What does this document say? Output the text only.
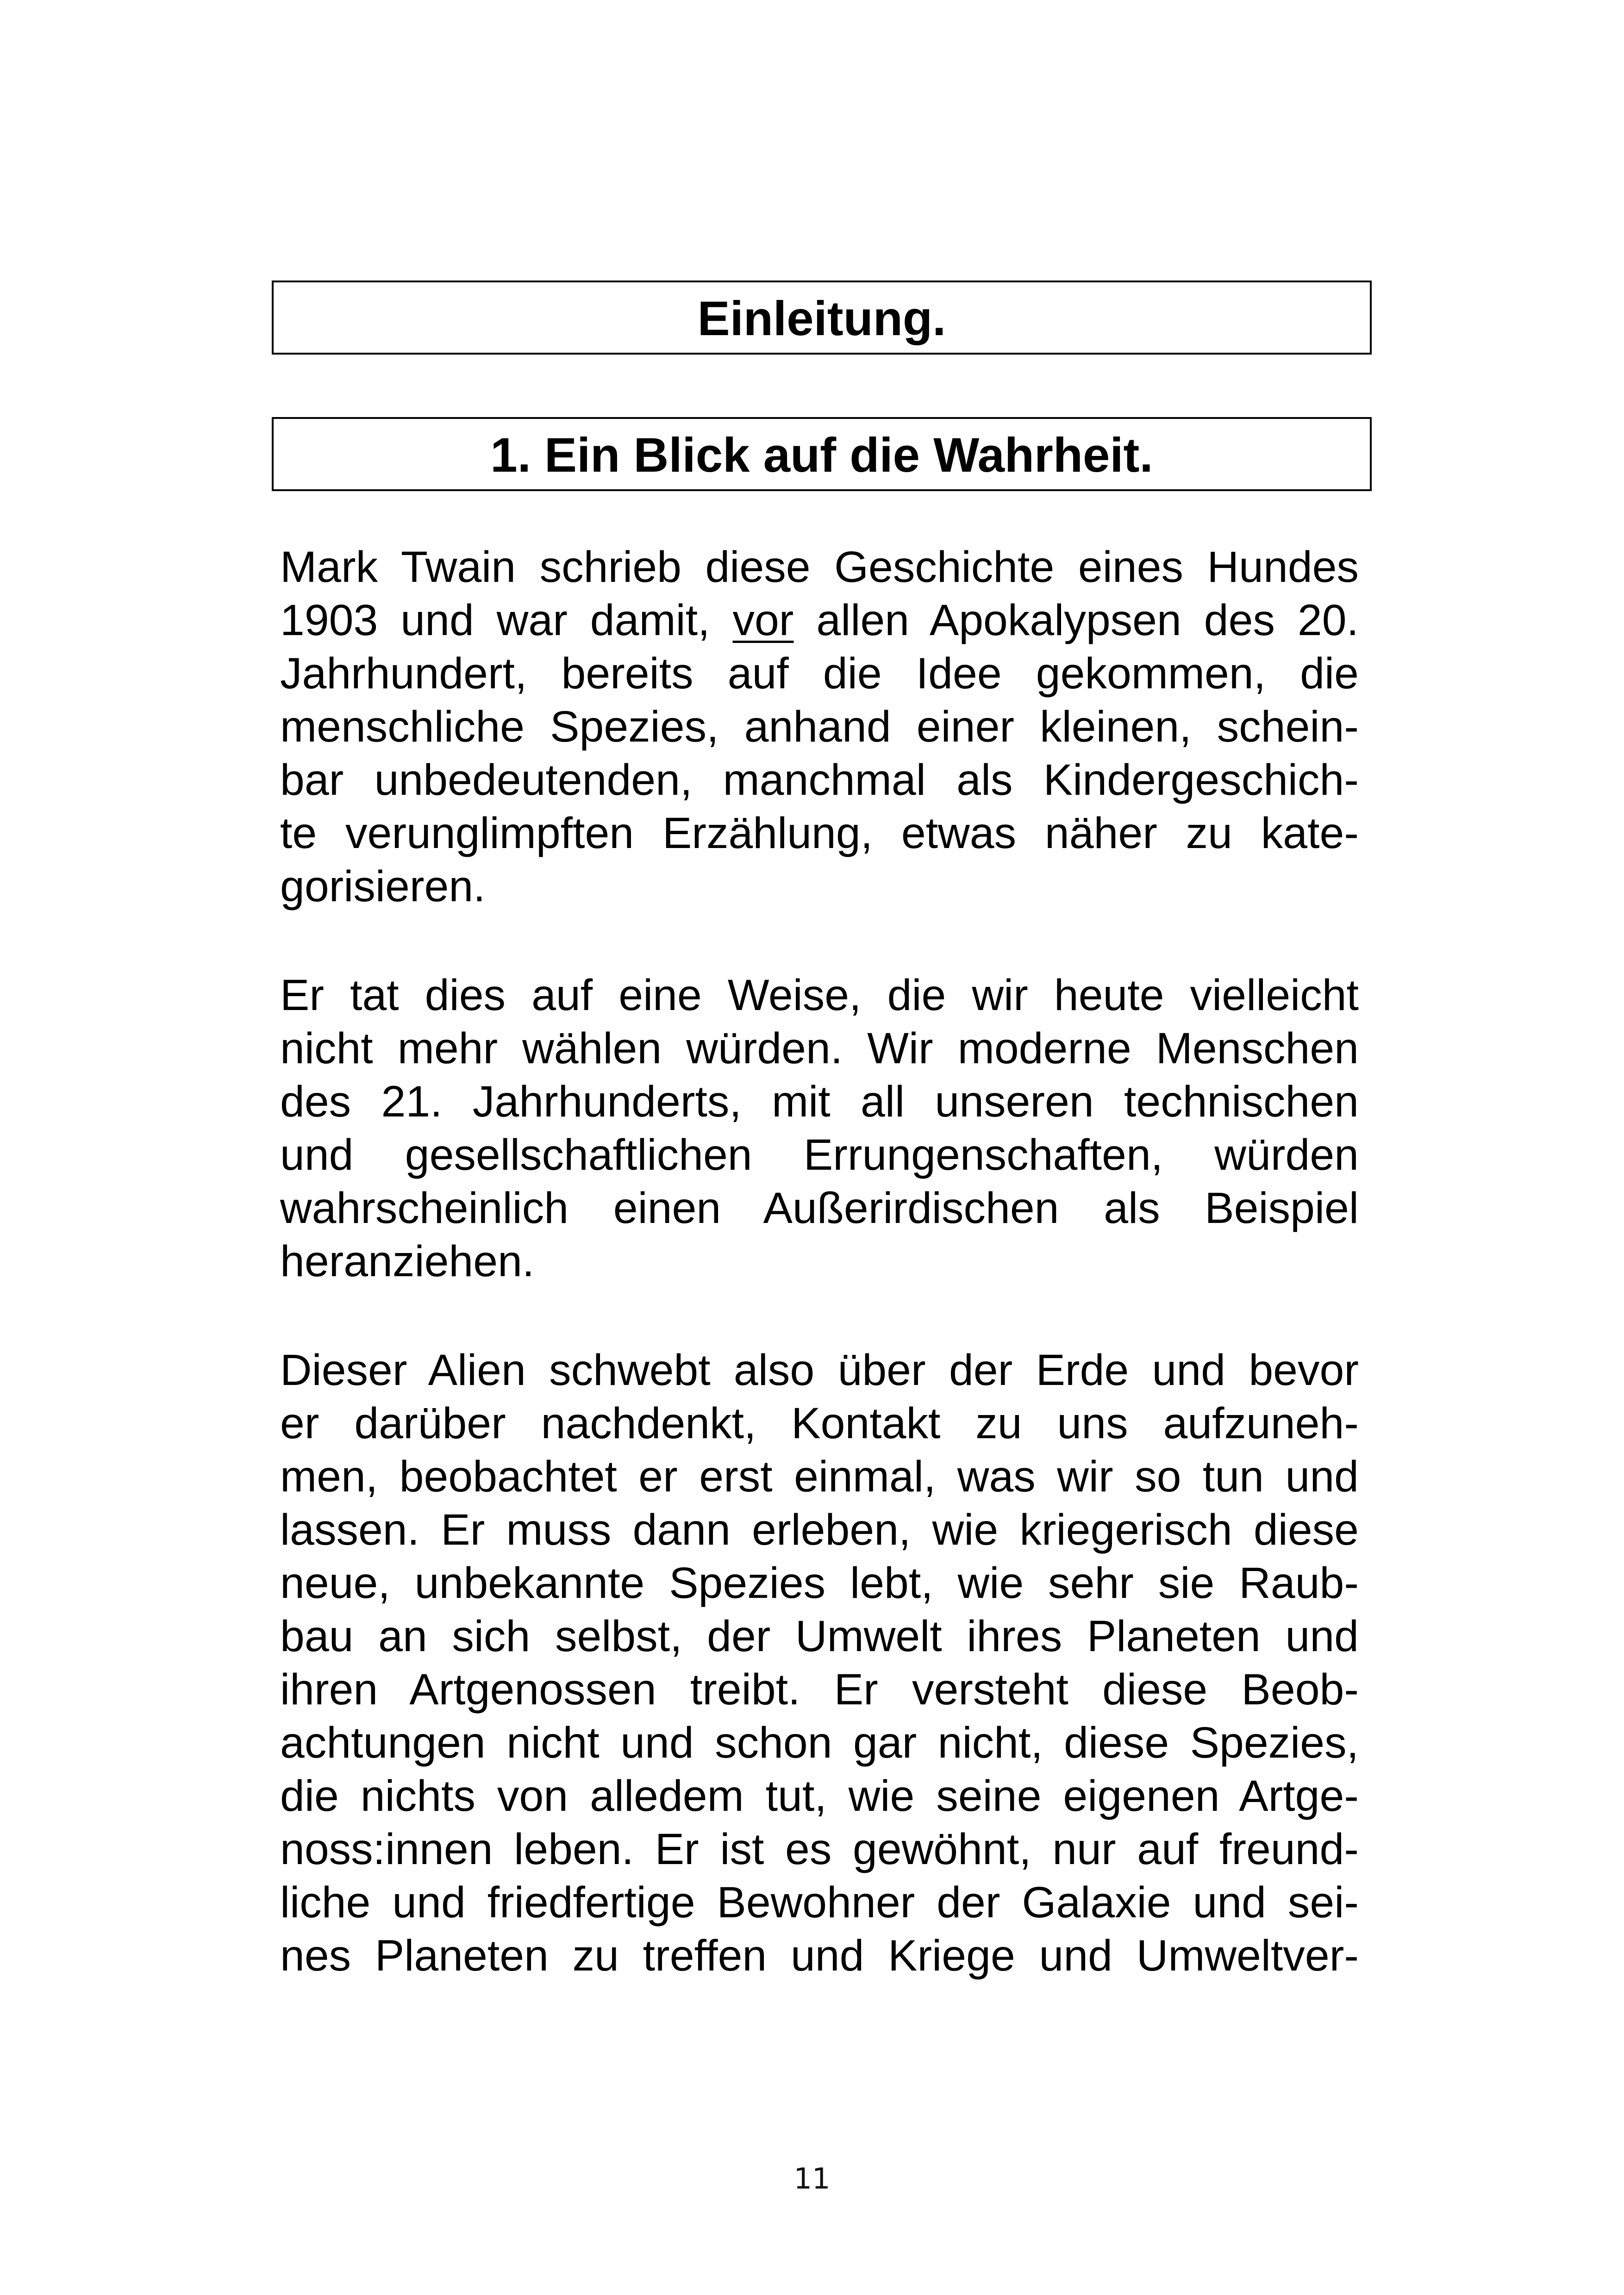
Einleitung.
1. Ein Blick auf die Wahrheit.
Mark Twain schrieb diese Geschichte eines Hundes
1903 und war damit, vor allen Apokalypsen des 20.
Jahrhundert, bereits auf die Idee gekommen, die
menschliche Spezies, anhand einer kleinen, schein-
bar unbedeutenden, manchmal als Kindergeschich-
te verunglimpften Erzählung, etwas näher zu kate-
gorisieren.
Er tat dies auf eine Weise, die wir heute vielleicht
nicht mehr wählen würden. Wir moderne Menschen
des 21. Jahrhunderts, mit all unseren technischen
und gesellschaftlichen Errungenschaften, würden
wahrscheinlich einen Außerirdischen als Beispiel
heranziehen.
Dieser Alien schwebt also über der Erde und bevor
er darüber nachdenkt, Kontakt zu uns aufzuneh-
men, beobachtet er erst einmal, was wir so tun und
lassen. Er muss dann erleben, wie kriegerisch diese
neue, unbekannte Spezies lebt, wie sehr sie Raub-
bau an sich selbst, der Umwelt ihres Planeten und
ihren Artgenossen treibt. Er versteht diese Beob-
achtungen nicht und schon gar nicht, diese Spezies,
die nichts von alledem tut, wie seine eigenen Artge-
noss:innen leben. Er ist es gewöhnt, nur auf freund-
liche und friedfertige Bewohner der Galaxie und sei-
nes Planeten zu treffen und Kriege und Umweltver-
11
